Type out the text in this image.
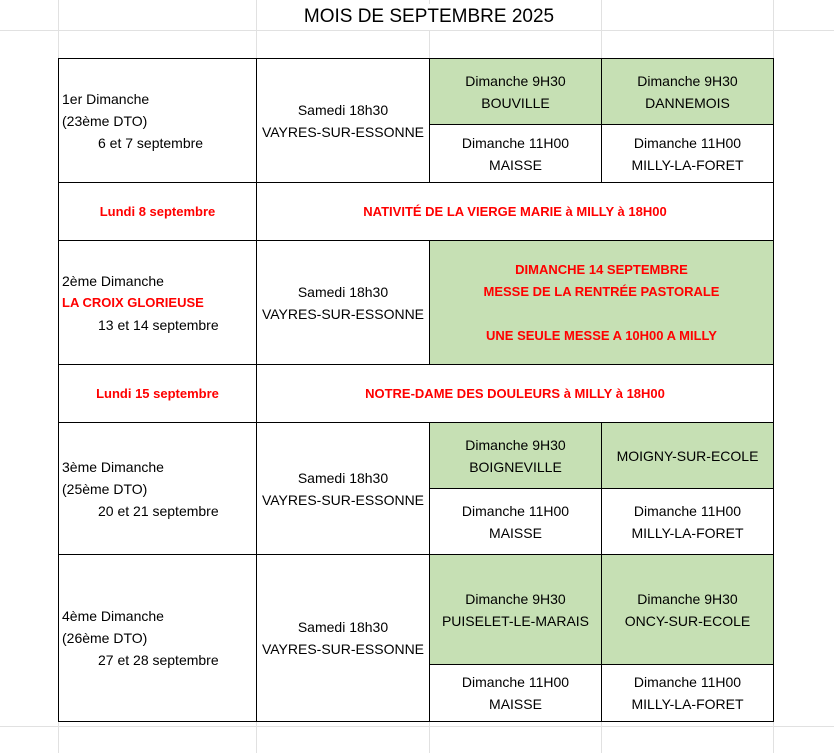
MOIS DE SEPTEMBRE 2025
1er Dimanche
(23ème DTO)
6 et 7 septembre
Samedi 18h30
VAYRES-SUR-ESSONNE
Dimanche 9H30
BOUVILLE
Dimanche 9H30
DANNEMOIS
Dimanche 11H00
MAISSE
Dimanche 11H00
MILLY-LA-FORET
Lundi 8 septembre	NATIVITÉ DE LA VIERGE MARIE à MILLY à 18H00
2ème Dimanche
LA CROIX GLORIEUSE
13 et 14 septembre
Samedi 18h30
VAYRES-SUR-ESSONNE
DIMANCHE 14 SEPTEMBRE
MESSE DE LA RENTRÉE PASTORALE
UNE SEULE MESSE A 10H00 A MILLY
Lundi 15 septembre	NOTRE-DAME DES DOULEURS à MILLY à 18H00
3ème Dimanche
(25ème DTO)
20 et 21 septembre
Samedi 18h30
VAYRES-SUR-ESSONNE
Dimanche 9H30
BOIGNEVILLE
MOIGNY-SUR-ECOLE
Dimanche 11H00
MAISSE
Dimanche 11H00
MILLY-LA-FORET
4ème Dimanche
(26ème DTO)
27 et 28 septembre
Samedi 18h30
VAYRES-SUR-ESSONNE
Dimanche 9H30
PUISELET-LE-MARAIS
Dimanche 9H30
ONCY-SUR-ECOLE
Dimanche 11H00
MAISSE
Dimanche 11H00
MILLY-LA-FORET
